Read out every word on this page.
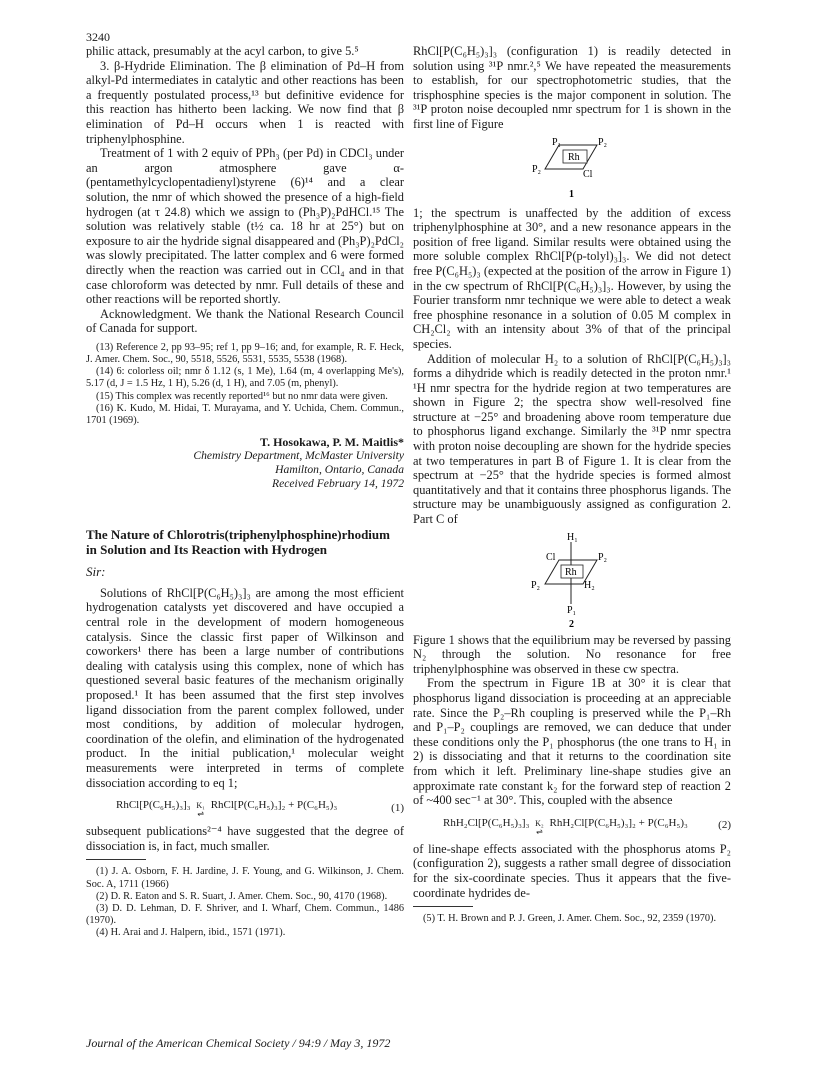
3240

philic attack, presumably at the acyl carbon, to give 5.⁵

3. β-Hydride Elimination. The β elimination of Pd–H from alkyl-Pd intermediates in catalytic and other reactions has been a frequently postulated process,¹³ but definitive evidence for this reaction has hitherto been lacking. We now find that β elimination of Pd–H occurs when 1 is reacted with triphenylphosphine.

Treatment of 1 with 2 equiv of PPh₃ (per Pd) in CDCl₃ under an argon atmosphere gave α-(pentamethylcyclopentadienyl)styrene (6)¹⁴ and a clear solution, the nmr of which showed the presence of a high-field hydrogen (at τ 24.8) which we assign to (Ph₃P)₂PdHCl.¹⁵ The solution was relatively stable (t½ ca. 18 hr at 25°) but on exposure to air the hydride signal disappeared and (Ph₃P)₂PdCl₂ was slowly precipitated. The latter complex and 6 were formed directly when the reaction was carried out in CCl₄ and in that case chloroform was detected by nmr. Full details of these and other reactions will be reported shortly.

Acknowledgment. We thank the National Research Council of Canada for support.

(13) Reference 2, pp 93–95; ref 1, pp 9–16; and, for example, R. F. Heck, J. Amer. Chem. Soc., 90, 5518, 5526, 5531, 5535, 5538 (1968).

(14) 6: colorless oil; nmr δ 1.12 (s, 1 Me), 1.64 (m, 4 overlapping Me's), 5.17 (d, J = 1.5 Hz, 1 H), 5.26 (d, 1 H), and 7.05 (m, phenyl).

(15) This complex was recently reported¹⁶ but no nmr data were given.

(16) K. Kudo, M. Hidai, T. Murayama, and Y. Uchida, Chem. Commun., 1701 (1969).

T. Hosokawa, P. M. Maitlis*
Chemistry Department, McMaster University
Hamilton, Ontario, Canada
Received February 14, 1972

The Nature of Chlorotris(triphenylphosphine)rhodium in Solution and Its Reaction with Hydrogen

Sir:

Solutions of RhCl[P(C₆H₅)₃]₃ are among the most efficient hydrogenation catalysts yet discovered and have occupied a central role in the development of modern homogeneous catalysis. Since the classic first paper of Wilkinson and coworkers¹ there has been a large number of contributions dealing with catalysis using this complex, none of which has questioned several basic features of the mechanism originally proposed.¹ It has been assumed that the first step involves ligand dissociation from the parent complex followed, under most conditions, by addition of molecular hydrogen, coordination of the olefin, and elimination of the hydrogenated product. In the initial publication,¹ molecular weight measurements were interpreted in terms of complete dissociation according to eq 1;

RhCl[P(C₆H₅)₃]₃ K₁
⇌
RhCl[P(C₆H₅)₃]₂ + P(C₆H₅)₃	(1)

subsequent publications²⁻⁴ have suggested that the degree of dissociation is, in fact, much smaller.

(1) J. A. Osborn, F. H. Jardine, J. F. Young, and G. Wilkinson, J. Chem. Soc. A, 1711 (1966)

(2) D. R. Eaton and S. R. Suart, J. Amer. Chem. Soc., 90, 4170 (1968).

(3) D. D. Lehman, D. F. Shriver, and I. Wharf, Chem. Commun., 1486 (1970).

(4) H. Arai and J. Halpern, ibid., 1571 (1971).

RhCl[P(C₆H₅)₃]₃ (configuration 1) is readily detected in solution using ³¹P nmr.²,⁵ We have repeated the measurements to establish, for our spectrophotometric studies, that the trisphosphine species is the major component in solution. The ³¹P proton noise decoupled nmr spectrum for 1 is shown in the first line of Figure

P₁	P₂
P₂	Cl
Rh
1

1; the spectrum is unaffected by the addition of excess triphenylphosphine at 30°, and a new resonance appears in the position of free ligand. Similar results were obtained using the more soluble complex RhCl[P(p-tolyl)₃]₃. We did not detect free P(C₆H₅)₃ (expected at the position of the arrow in Figure 1) in the cw spectrum of RhCl[P(C₆H₅)₃]₃. However, by using the Fourier transform nmr technique we were able to detect a weak free phosphine resonance in a solution of 0.05 M complex in CH₂Cl₂ with an intensity about 3% of that of the principal species.

Addition of molecular H₂ to a solution of RhCl[P(C₆H₅)₃]₃ forms a dihydride which is readily detected in the proton nmr.¹ ¹H nmr spectra for the hydride region at two temperatures are shown in Figure 2; the spectra show well-resolved fine structure at −25° and broadening above room temperature due to phosphorus ligand exchange. Similarly the ³¹P nmr spectra with proton noise decoupling are shown for the hydride species at two temperatures in part B of Figure 1. It is clear from the spectrum at −25° that the hydride species is formed almost quantitatively and that it contains three phosphorus ligands. The structure may be unambiguously assigned as configuration 2. Part C of

H₁
Cl	P₂
P₂	H₂
Rh
P₁
2

Figure 1 shows that the equilibrium may be reversed by passing N₂ through the solution. No resonance for free triphenylphosphine was observed in these cw spectra.

From the spectrum in Figure 1B at 30° it is clear that phosphorus ligand dissociation is proceeding at an appreciable rate. Since the P₂–Rh coupling is preserved while the P₁–Rh and P₁–P₂ couplings are removed, we can deduce that under these conditions only the P₁ phosphorus (the one trans to H₁ in 2) is dissociating and that it returns to the coordination site from which it left. Preliminary line-shape studies give an approximate rate constant k₂ for the forward step of reaction 2 of ~400 sec⁻¹ at 30°. This, coupled with the absence

RhH₂Cl[P(C₆H₅)₃]₃ K₂
⇌
RhH₂Cl[P(C₆H₅)₃]₂ + P(C₆H₅)₃	(2)

of line-shape effects associated with the phosphorus atoms P₂ (configuration 2), suggests a rather small degree of dissociation for the six-coordinate species. Thus it appears that the five-coordinate hydrides de-

(5) T. H. Brown and P. J. Green, J. Amer. Chem. Soc., 92, 2359 (1970).

Journal of the American Chemical Society / 94:9 / May 3, 1972
